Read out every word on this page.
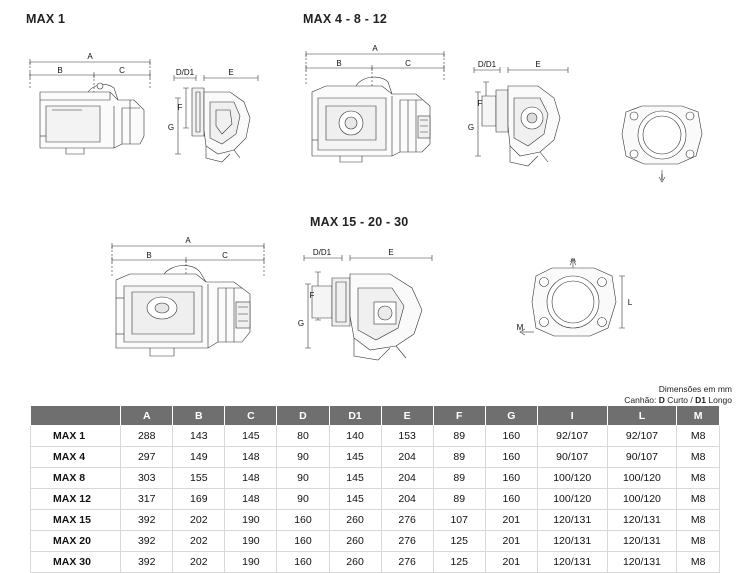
MAX 1	MAX 4 - 8 - 12
MAX 15 - 20 - 30
A
B	C	D/D1	E
F
G
A
B	C	D/D1	E
F
G
I
A
B	C	D/D1	E
F
G
A
L
M
Dimensões em mm
Canhão: D Curto / D1 Longo
	A	B	C	D	D1	E	F	G	I	L	M
MAX 1	288	143	145	80	140	153	89	160	92/107	92/107	M8
MAX 4	297	149	148	90	145	204	89	160	90/107	90/107	M8
MAX 8	303	155	148	90	145	204	89	160	100/120	100/120	M8
MAX 12	317	169	148	90	145	204	89	160	100/120	100/120	M8
MAX 15	392	202	190	160	260	276	107	201	120/131	120/131	M8
MAX 20	392	202	190	160	260	276	125	201	120/131	120/131	M8
MAX 30	392	202	190	160	260	276	125	201	120/131	120/131	M8
